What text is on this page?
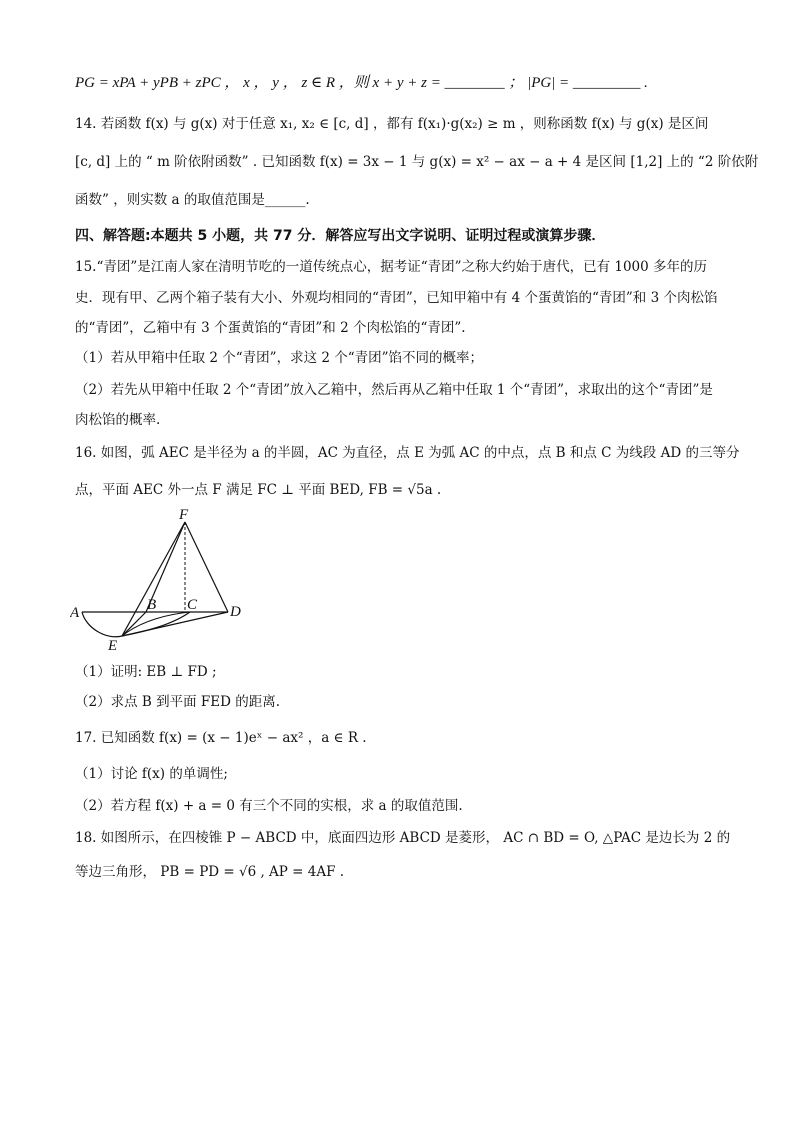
PG = xPA + yPB + zPC ， x ， y ， z ∈ R ，则 x + y + z = ________ ； |PG| = _________ .
14. 若函数 f(x) 与 g(x) 对于任意 x₁, x₂ ∈ [c, d] ，都有 f(x₁)·g(x₂) ≥ m ，则称函数 f(x) 与 g(x) 是区间
[c, d] 上的 “ m 阶依附函数” . 已知函数 f(x) = 3x − 1 与 g(x) = x² − ax − a + 4 是区间 [1,2] 上的 “2 阶依附
函数” ，则实数 a 的取值范围是______.
四、解答题:本题共 5 小题，共 77 分．解答应写出文字说明、证明过程或演算步骤．
15.“青团”是江南人家在清明节吃的一道传统点心，据考证“青团”之称大约始于唐代，已有 1000 多年的历
史．现有甲、乙两个箱子装有大小、外观均相同的“青团”，已知甲箱中有 4 个蛋黄馅的“青团”和 3 个肉松馅
的“青团”，乙箱中有 3 个蛋黄馅的“青团”和 2 个肉松馅的“青团”.
（1）若从甲箱中任取 2 个“青团”，求这 2 个“青团”馅不同的概率；
（2）若先从甲箱中任取 2 个“青团”放入乙箱中，然后再从乙箱中任取 1 个“青团”，求取出的这个“青团”是
肉松馅的概率.
16. 如图，弧 AEC 是半径为 a 的半圆，AC 为直径，点 E 为弧 AC 的中点，点 B 和点 C 为线段 AD 的三等分
点，平面 AEC 外一点 F 满足 FC ⊥ 平面 BED, FB = √5a .
F
A	B C D
E
（1）证明: EB ⊥ FD ;
（2）求点 B 到平面 FED 的距离.
17. 已知函数 f(x) = (x − 1)eˣ − ax² ，a ∈ R .
（1）讨论 f(x) 的单调性;
（2）若方程 f(x) + a = 0 有三个不同的实根，求 a 的取值范围.
18. 如图所示，在四棱锥 P − ABCD 中，底面四边形 ABCD 是菱形， AC ∩ BD = O, △PAC 是边长为 2 的
等边三角形， PB = PD = √6 , AP = 4AF .
